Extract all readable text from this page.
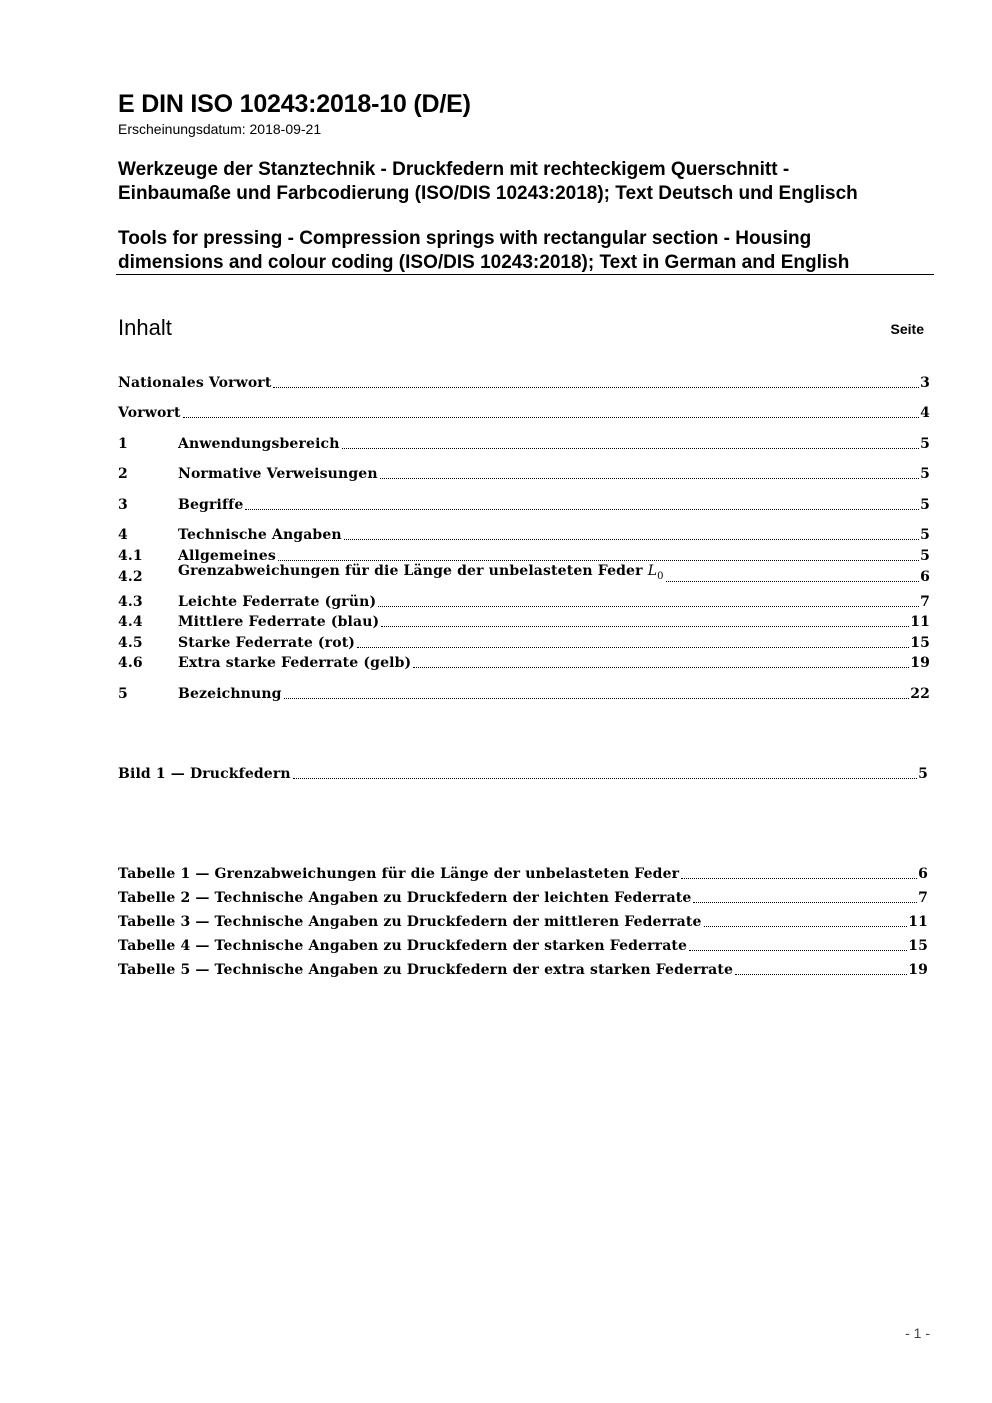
E DIN ISO 10243:2018-10 (D/E)
Erscheinungsdatum: 2018-09-21
Werkzeuge der Stanztechnik - Druckfedern mit rechteckigem Querschnitt -
Einbaumaße und Farbcodierung (ISO/DIS 10243:2018); Text Deutsch und Englisch
Tools for pressing - Compression springs with rectangular section - Housing
dimensions and colour coding (ISO/DIS 10243:2018); Text in German and English
Inhalt	Seite
Nationales Vorwort	3
Vorwort	4
1	Anwendungsbereich	5
2	Normative Verweisungen	5
3	Begriffe	5
4	Technische Angaben	5
4.1	Allgemeines	5
4.2	Grenzabweichungen für die Länge der unbelasteten Feder $L_0$	6
4.3	Leichte Federrate (grün)	7
4.4	Mittlere Federrate (blau)	11
4.5	Starke Federrate (rot)	15
4.6	Extra starke Federrate (gelb)	19
5	Bezeichnung	22
Bild 1 — Druckfedern	5
Tabelle 1 — Grenzabweichungen für die Länge der unbelasteten Feder	6
Tabelle 2 — Technische Angaben zu Druckfedern der leichten Federrate	7
Tabelle 3 — Technische Angaben zu Druckfedern der mittleren Federrate	11
Tabelle 4 — Technische Angaben zu Druckfedern der starken Federrate	15
Tabelle 5 — Technische Angaben zu Druckfedern der extra starken Federrate	19
- 1 -
